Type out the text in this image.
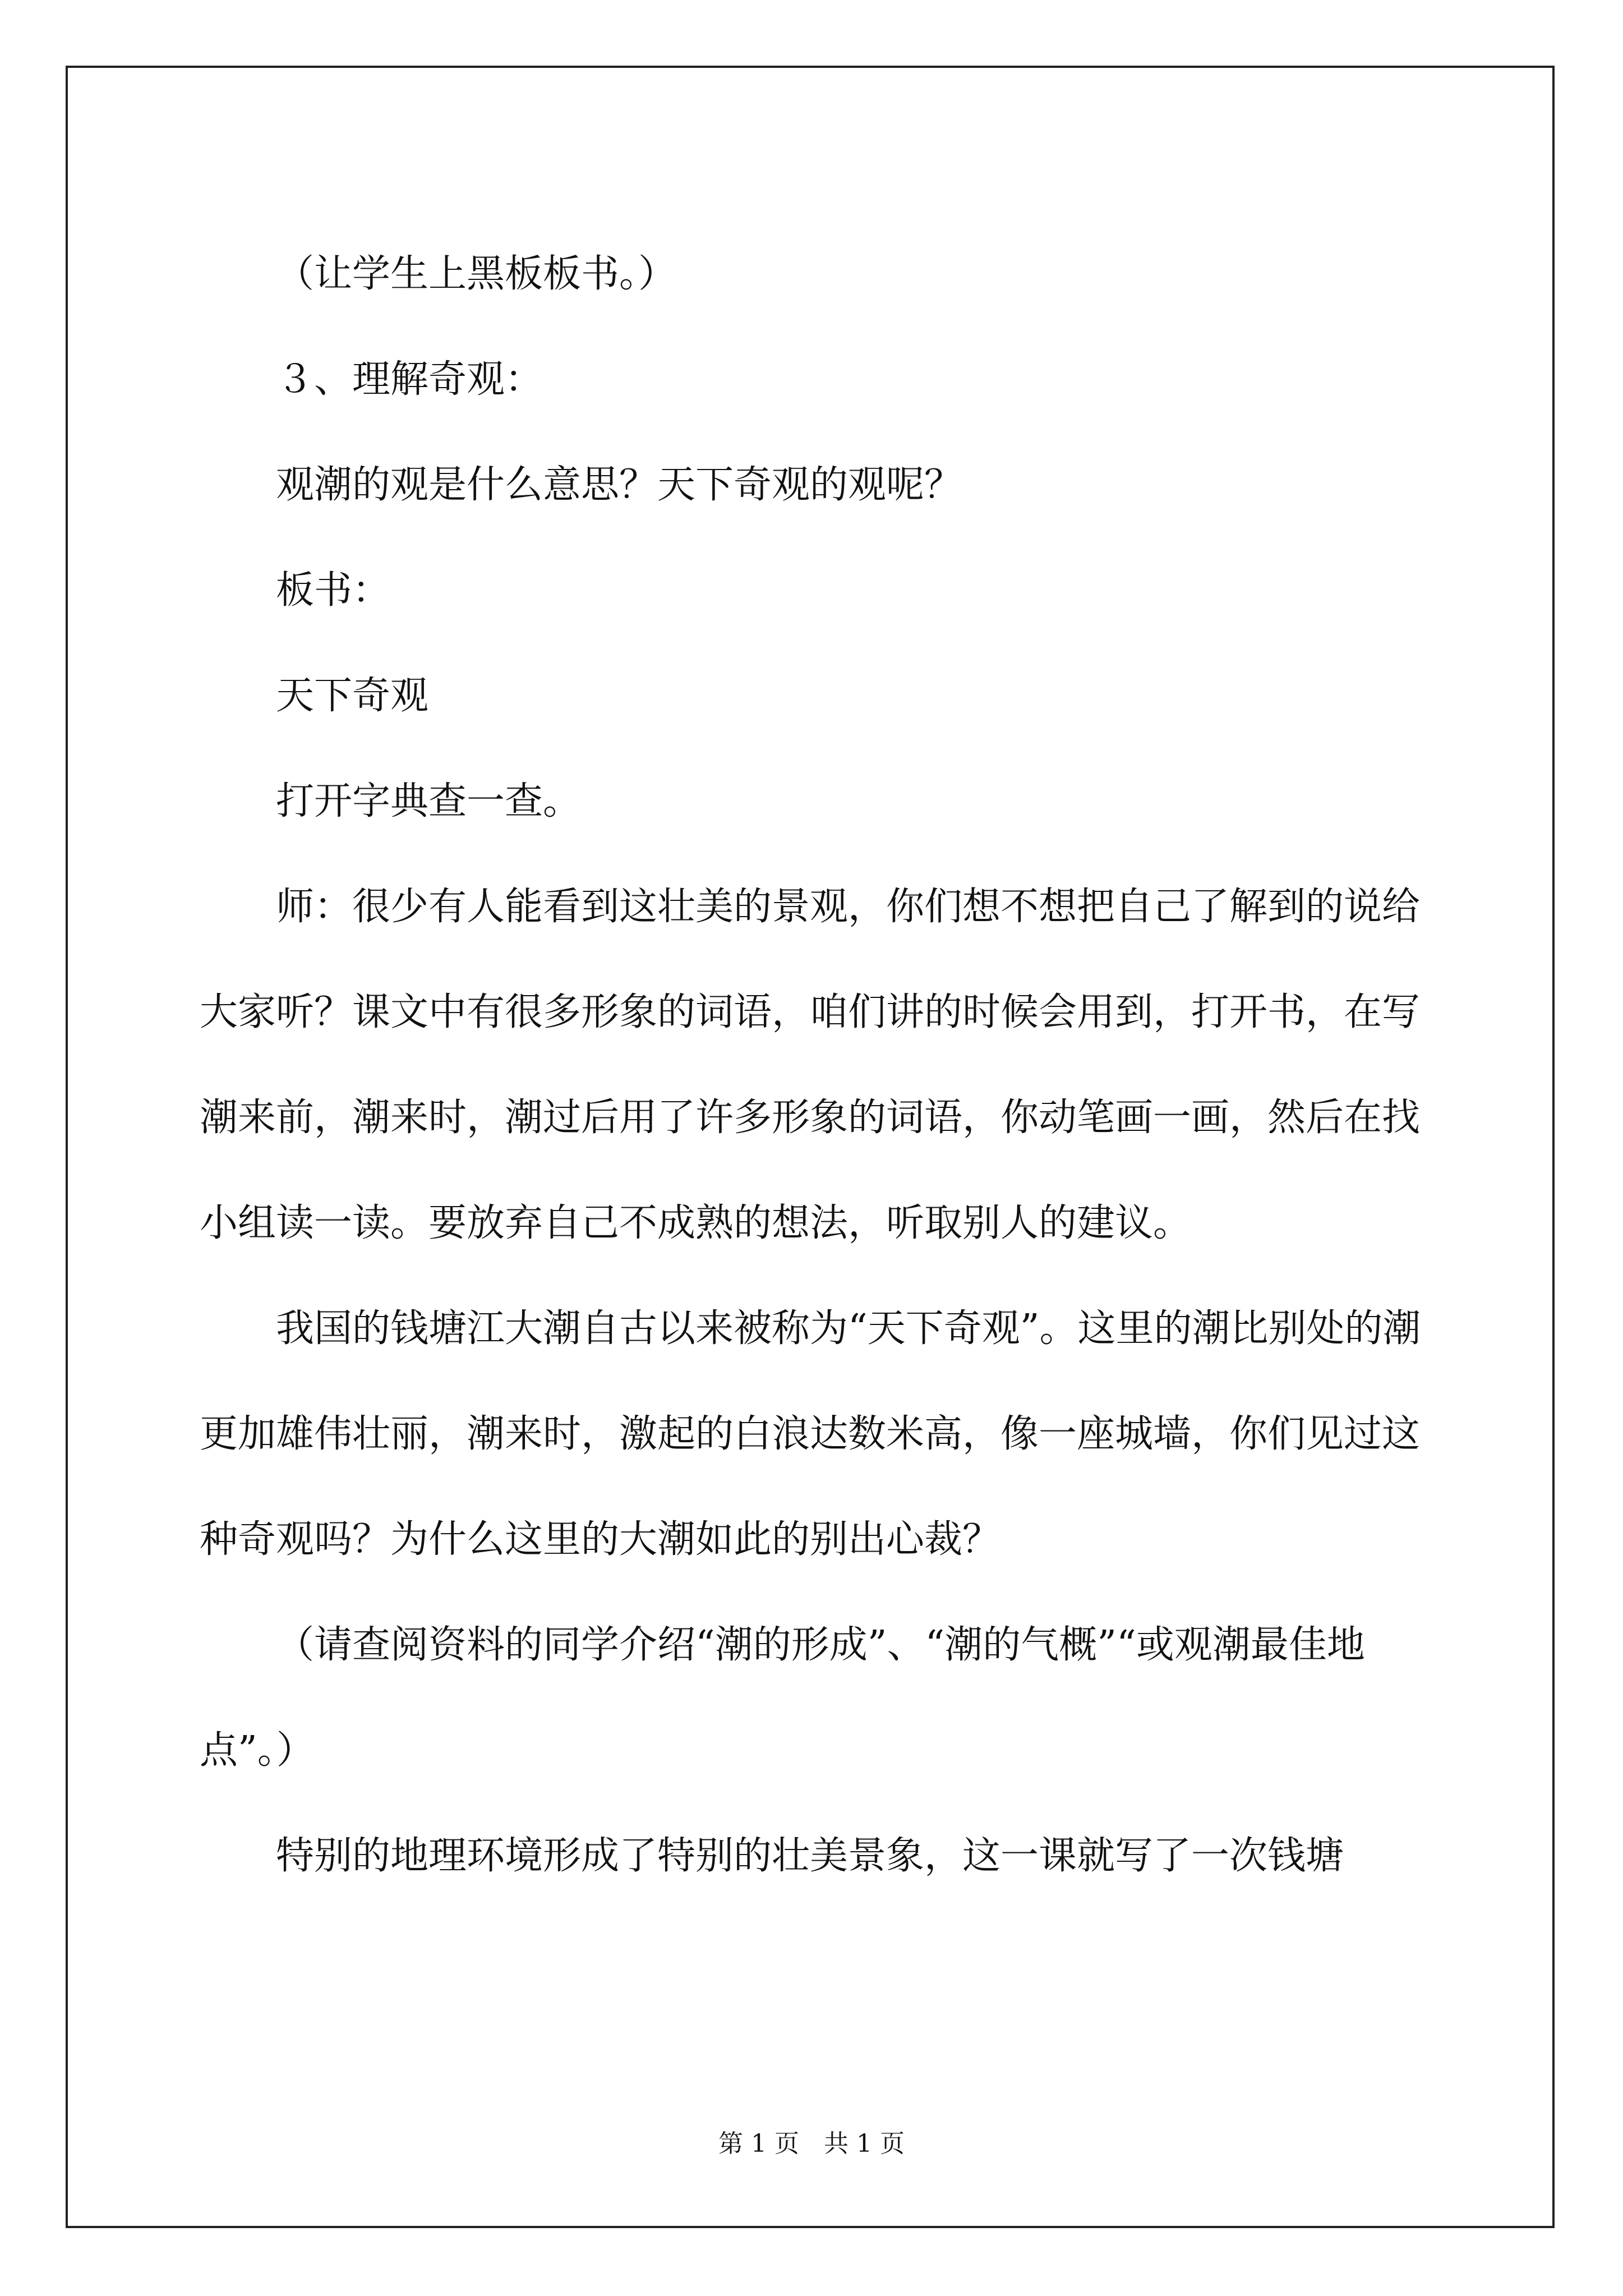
（让学生上黑板板书。）

３、理解奇观：

观潮的观是什么意思？天下奇观的观呢？

板书：

天下奇观

打开字典查一查。

师：很少有人能看到这壮美的景观，你们想不想把自己了解到的说给大家听？课文中有很多形象的词语，咱们讲的时候会用到，打开书，在写潮来前，潮来时，潮过后用了许多形象的词语，你动笔画一画，然后在找小组读一读。要放弃自己不成熟的想法，听取别人的建议。

我国的钱塘江大潮自古以来被称为“天下奇观”。这里的潮比别处的潮更加雄伟壮丽，潮来时，激起的白浪达数米高，像一座城墙，你们见过这种奇观吗？为什么这里的大潮如此的别出心裁？

（请查阅资料的同学介绍“潮的形成”、“潮的气概”“或观潮最佳地点”。）

特别的地理环境形成了特别的壮美景象，这一课就写了一次钱塘

第 1 页　共 1 页
